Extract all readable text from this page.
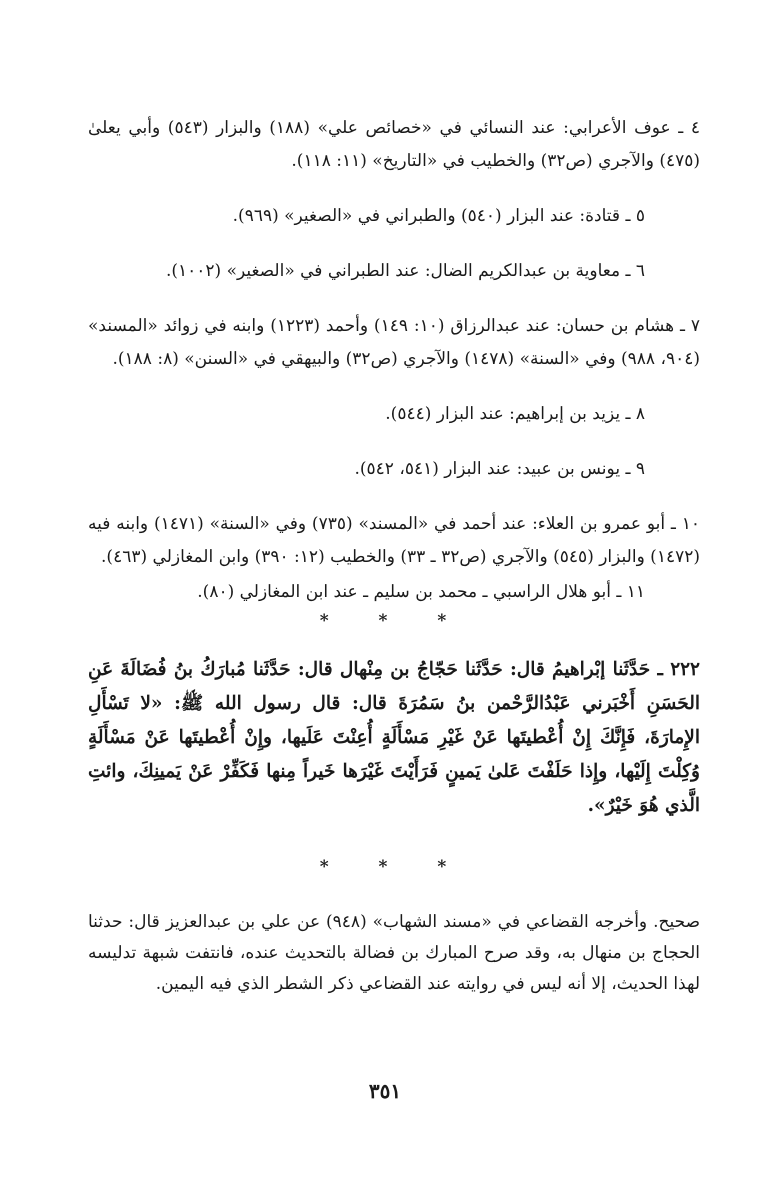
٤ ـ عوف الأعرابي: عند النسائي في «خصائص علي» (١٨٨) والبزار (٥٤٣) وأبي يعلىٰ (٤٧٥) والآجري (ص٣٢) والخطيب في «التاريخ» (١١: ١١٨).

٥ ـ قتادة: عند البزار (٥٤٠) والطبراني في «الصغير» (٩٦٩).

٦ ـ معاوية بن عبدالكريم الضال: عند الطبراني في «الصغير» (١٠٠٢).

٧ ـ هشام بن حسان: عند عبدالرزاق (١٠: ١٤٩) وأحمد (١٢٢٣) وابنه في زوائد «المسند» (٩٠٤، ٩٨٨) وفي «السنة» (١٤٧٨) والآجري (ص٣٢) والبيهقي في «السنن» (٨: ١٨٨).

٨ ـ يزيد بن إبراهيم: عند البزار (٥٤٤).

٩ ـ يونس بن عبيد: عند البزار (٥٤١، ٥٤٢).

١٠ ـ أبو عمرو بن العلاء: عند أحمد في «المسند» (٧٣٥) وفي «السنة» (١٤٧١) وابنه فيه (١٤٧٢) والبزار (٥٤٥) والآجري (ص٣٢ ـ ٣٣) والخطيب (١٢: ٣٩٠) وابن المغازلي (٤٦٣).

١١ ـ أبو هلال الراسبي ـ محمد بن سليم ـ عند ابن المغازلي (٨٠).

* * *

٢٢٢ ـ حَدَّثَنا إبْراهيمُ قال: حَدَّثَنا حَجّاجُ بن مِنْهال قال: حَدَّثَنا مُبارَكُ بنُ فُضَالَةَ عَنِ الحَسَنِ أَخْبَرني عَبْدُالرَّحْمن بنُ سَمُرَةَ قال: قال رسول الله ﷺ: «لا تَسْأَلِ الإِمارَةَ، فَإِنَّكَ إِنْ أُعْطيتَها عَنْ غَيْرِ مَسْأَلَةٍ أُعِنْتَ عَلَيها، وإِنْ أُعْطيتَها عَنْ مَسْأَلَةٍ وُكِلْتَ إِلَيْها، وإِذا حَلَفْتَ عَلىٰ يَمينٍ فَرَأَيْتَ غَيْرَها خَيراً مِنها فَكَفِّرْ عَنْ يَمينِكَ، وائتِ الَّذي هُوَ خَيْرٌ».

* * *

صحيح. وأخرجه القضاعي في «مسند الشهاب» (٩٤٨) عن علي بن عبدالعزيز قال: حدثنا الحجاج بن منهال به، وقد صرح المبارك بن فضالة بالتحديث عنده، فانتفت شبهة تدليسه لهذا الحديث، إلا أنه ليس في روايته عند القضاعي ذكر الشطر الذي فيه اليمين.

٣٥١
